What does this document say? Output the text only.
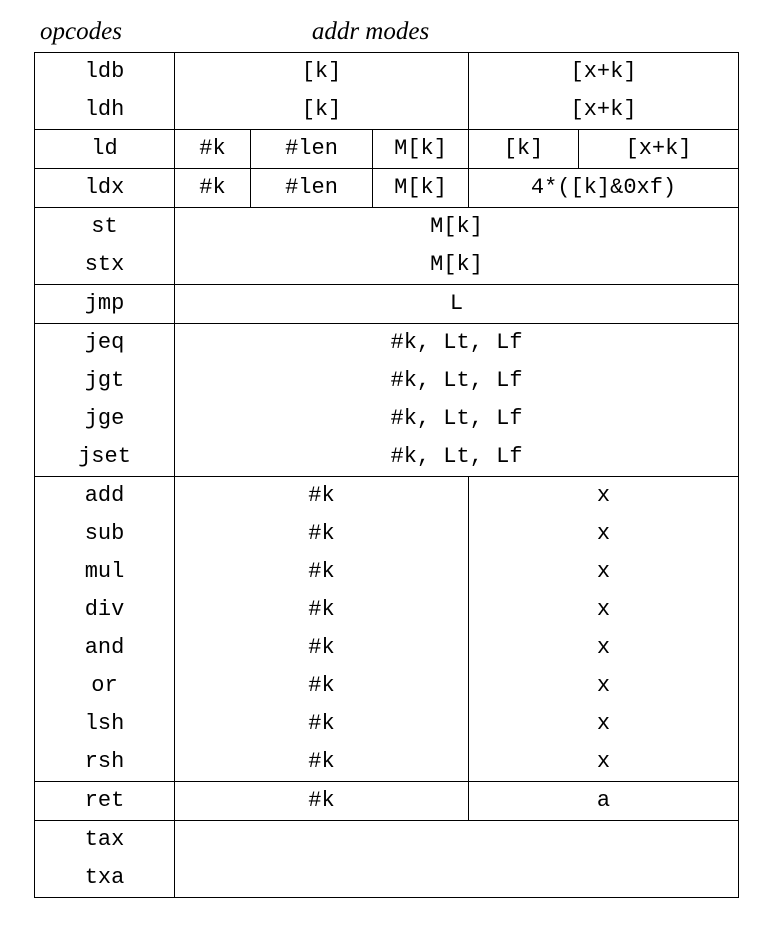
opcodes	addr modes
ldb	[k]			[x+k]	
ldh	[k]			[x+k]	
ld	#k	#len	M[k]	[k]	[x+k]
ldx	#k	#len	M[k]	4*([k]&0xf)	
st	M[k]				
stx	M[k]				
jmp	L				
jeq	#k, Lt, Lf				
jgt	#k, Lt, Lf				
jge	#k, Lt, Lf				
jset	#k, Lt, Lf				
add	#k			x	
sub	#k			x	
mul	#k			x	
div	#k			x	
and	#k			x	
or	#k			x	
lsh	#k			x	
rsh	#k			x	
ret	#k			a	
tax					
txa					
